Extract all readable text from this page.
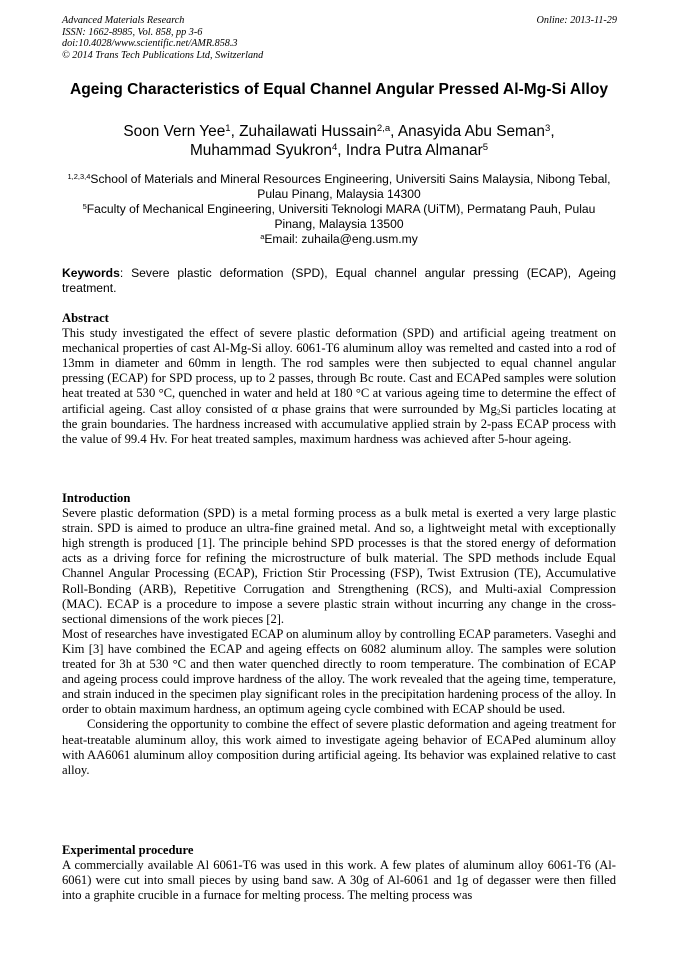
Advanced Materials Research
ISSN: 1662-8985, Vol. 858, pp 3-6
doi:10.4028/www.scientific.net/AMR.858.3
© 2014 Trans Tech Publications Ltd, Switzerland
Online: 2013-11-29
Ageing Characteristics of Equal Channel Angular Pressed Al-Mg-Si Alloy
Soon Vern Yee$^1$, Zuhailawati Hussain$^{2,a}$, Anasyida Abu Seman$^3$,
Muhammad Syukron$^4$, Indra Putra Almanar$^5$
$^{1,2,3,4}$School of Materials and Mineral Resources Engineering, Universiti Sains Malaysia, Nibong Tebal, Pulau Pinang, Malaysia 14300
$^5$Faculty of Mechanical Engineering, Universiti Teknologi MARA (UiTM), Permatang Pauh, Pulau Pinang, Malaysia 13500
$^a$Email: zuhaila@eng.usm.my
Keywords: Severe plastic deformation (SPD), Equal channel angular pressing (ECAP), Ageing treatment.
Abstract

This study investigated the effect of severe plastic deformation (SPD) and artificial ageing treatment on mechanical properties of cast Al-Mg-Si alloy. 6061-T6 aluminum alloy was remelted and casted into a rod of 13mm in diameter and 60mm in length. The rod samples were then subjected to equal channel angular pressing (ECAP) for SPD process, up to 2 passes, through Bc route. Cast and ECAPed samples were solution heat treated at 530 °C, quenched in water and held at 180 °C at various ageing time to determine the effect of artificial ageing. Cast alloy consisted of α phase grains that were surrounded by $Mg_2Si$ particles locating at the grain boundaries. The hardness increased with accumulative applied strain by 2-pass ECAP process with the value of 99.4 Hv. For heat treated samples, maximum hardness was achieved after 5-hour ageing.

Introduction

Severe plastic deformation (SPD) is a metal forming process as a bulk metal is exerted a very large plastic strain. SPD is aimed to produce an ultra-fine grained metal. And so, a lightweight metal with exceptionally high strength is produced [1]. The principle behind SPD processes is that the stored energy of deformation acts as a driving force for refining the microstructure of bulk material. The SPD methods include Equal Channel Angular Processing (ECAP), Friction Stir Processing (FSP), Twist Extrusion (TE), Accumulative Roll-Bonding (ARB), Repetitive Corrugation and Strengthening (RCS), and Multi-axial Compression (MAC). ECAP is a procedure to impose a severe plastic strain without incurring any change in the cross-sectional dimensions of the work pieces [2].

Most of researches have investigated ECAP on aluminum alloy by controlling ECAP parameters. Vaseghi and Kim [3] have combined the ECAP and ageing effects on 6082 aluminum alloy. The samples were solution treated for 3h at 530 °C and then water quenched directly to room temperature. The combination of ECAP and ageing process could improve hardness of the alloy. The work revealed that the ageing time, temperature, and strain induced in the specimen play significant roles in the precipitation hardening process of the alloy. In order to obtain maximum hardness, an optimum ageing cycle combined with ECAP should be used.

Considering the opportunity to combine the effect of severe plastic deformation and ageing treatment for heat-treatable aluminum alloy, this work aimed to investigate ageing behavior of ECAPed aluminum alloy with AA6061 aluminum alloy composition during artificial ageing. Its behavior was explained relative to cast alloy.

Experimental procedure

A commercially available Al 6061-T6 was used in this work. A few plates of aluminum alloy 6061-T6 (Al-6061) were cut into small pieces by using band saw. A 30g of Al-6061 and 1g of degasser were then filled into a graphite crucible in a furnace for melting process. The melting process was
